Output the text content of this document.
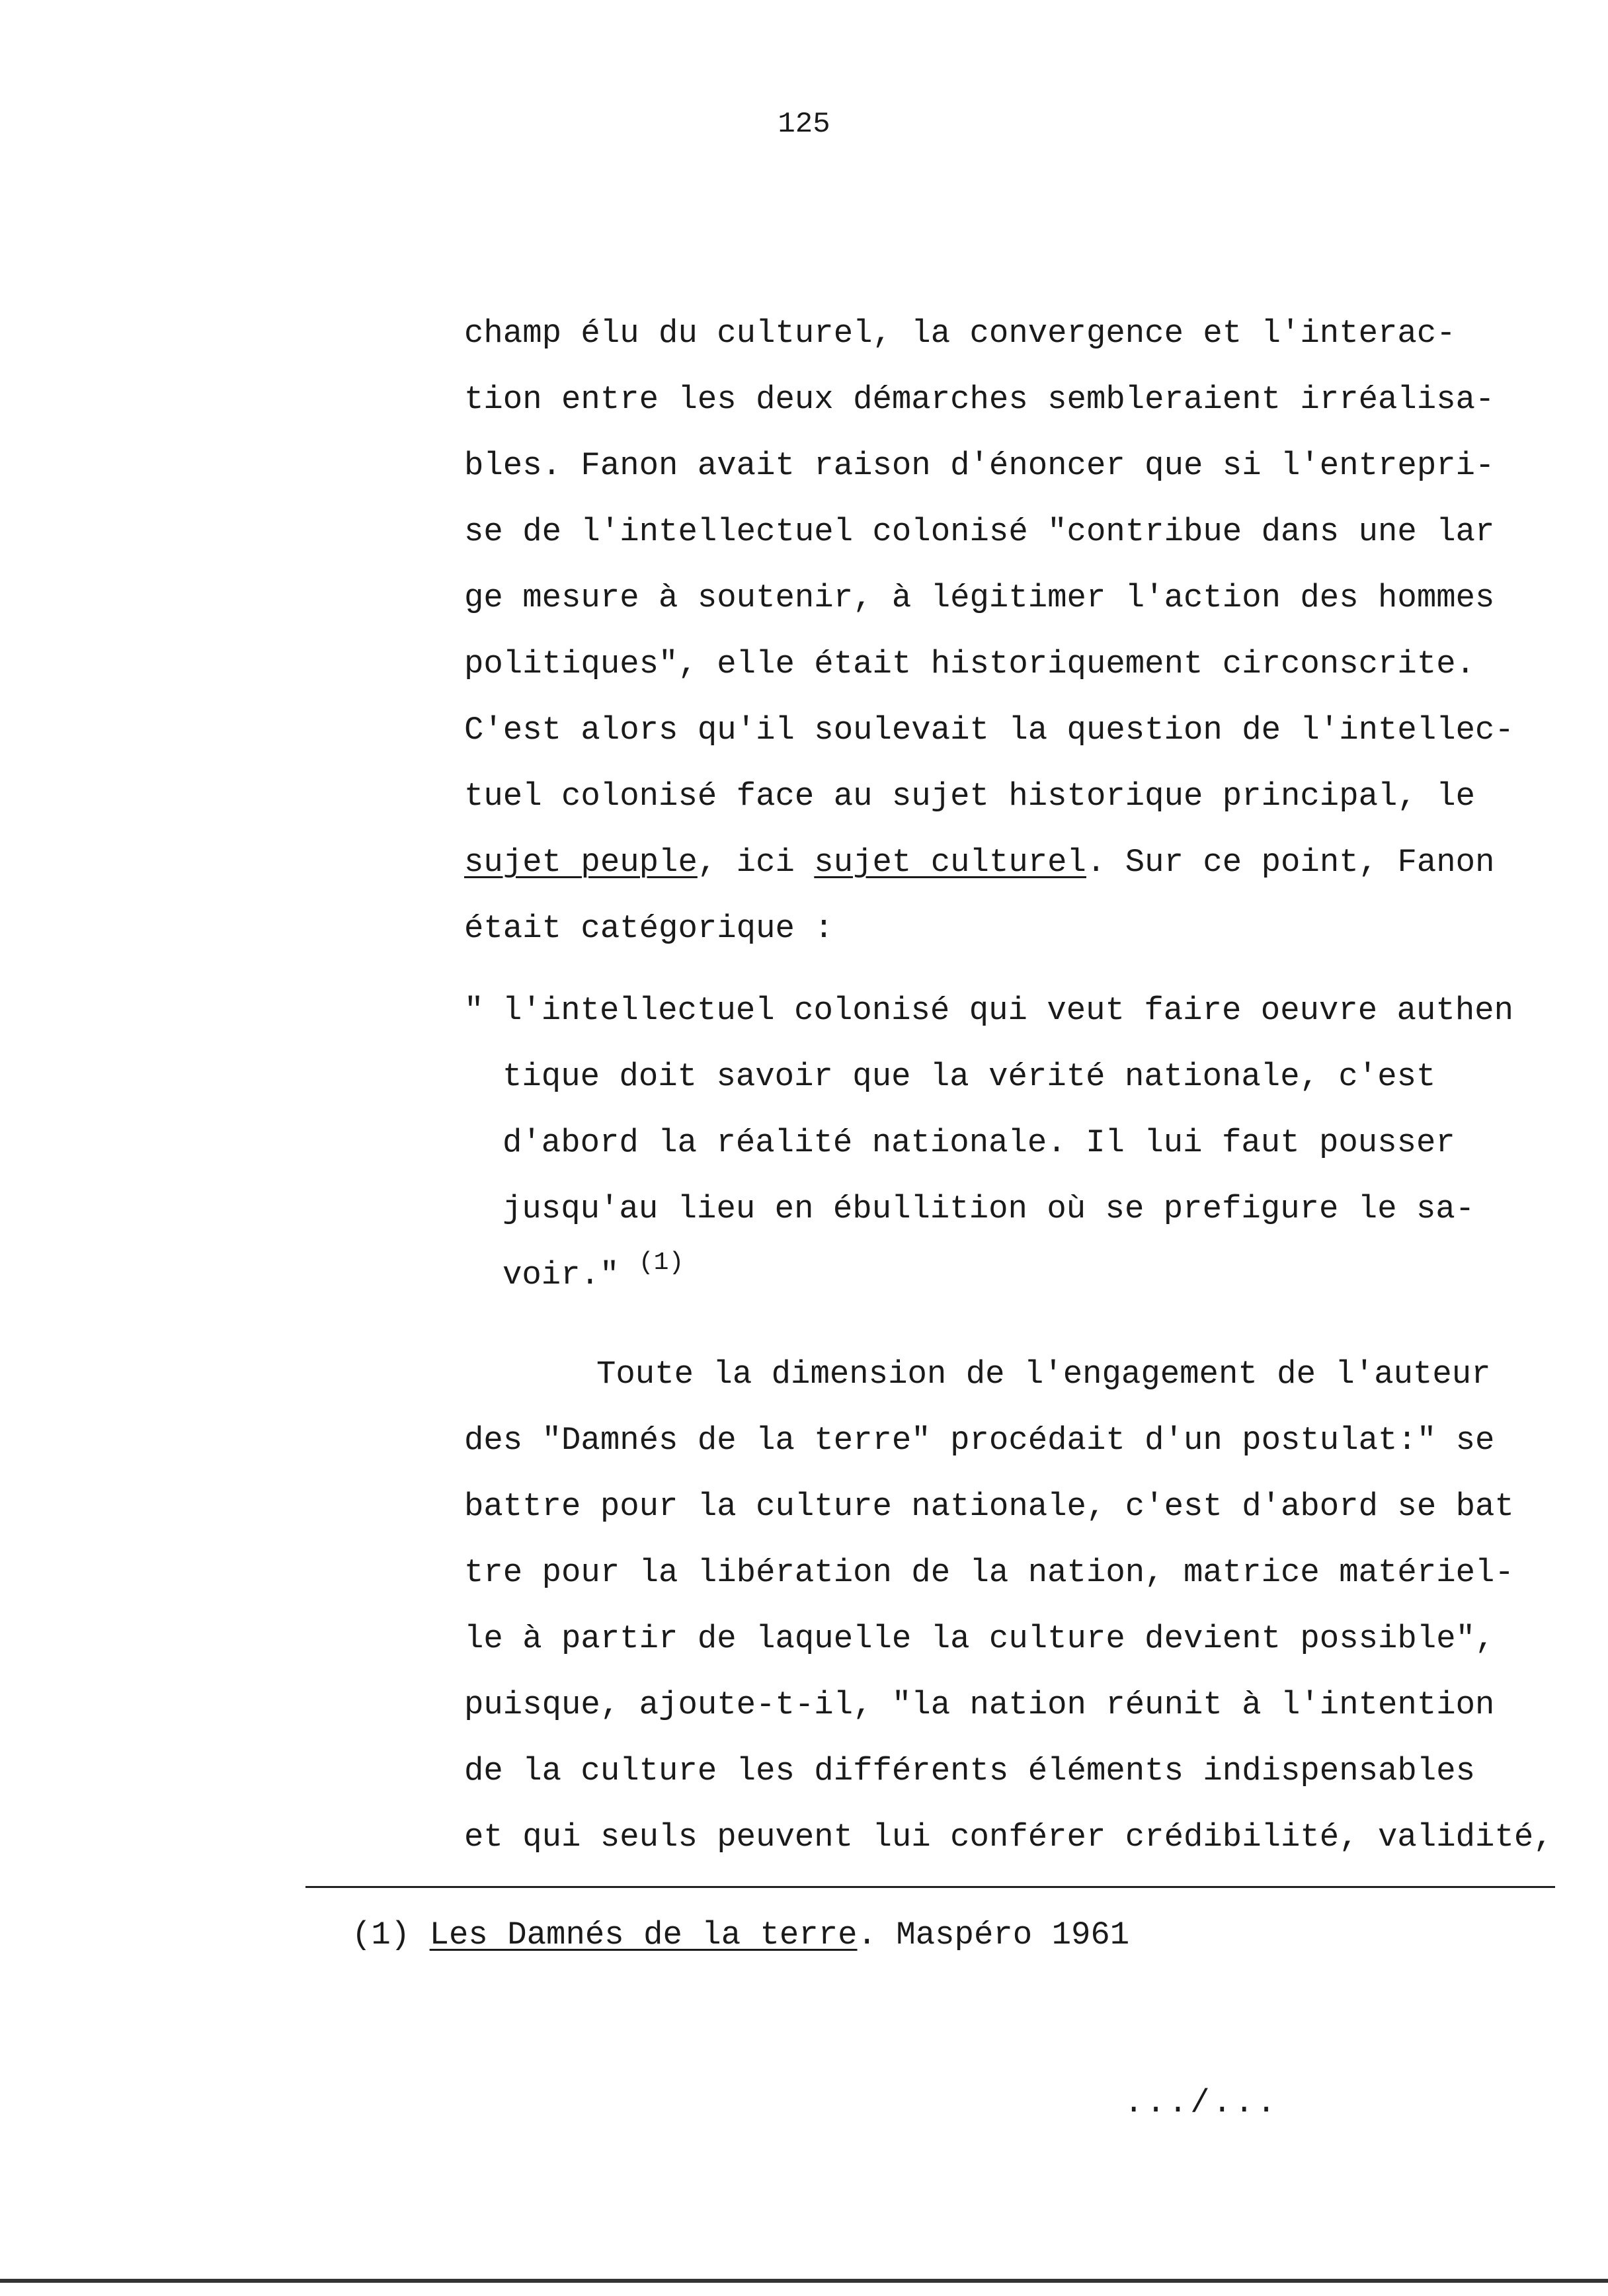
125
champ élu du culturel, la convergence et l'interac-
tion entre les deux démarches sembleraient irréalisa-
bles. Fanon avait raison d'énoncer que si l'entrepri-
se de l'intellectuel colonisé "contribue dans une lar
ge mesure à soutenir, à légitimer l'action des hommes
politiques", elle était historiquement circonscrite.
C'est alors qu'il soulevait la question de l'intellec-
tuel colonisé face au sujet historique principal, le
sujet peuple, ici sujet culturel. Sur ce point, Fanon
était catégorique :
" l'intellectuel colonisé qui veut faire oeuvre authen
tique doit savoir que la vérité nationale, c'est
d'abord la réalité nationale. Il lui faut pousser
jusqu'au lieu en ébullition où se prefigure le sa-
voir." $^{(1)}$
Toute la dimension de l'engagement de l'auteur
des "Damnés de la terre" procédait d'un postulat:" se
battre pour la culture nationale, c'est d'abord se bat
tre pour la libération de la nation, matrice matériel-
le à partir de laquelle la culture devient possible",
puisque, ajoute-t-il, "la nation réunit à l'intention
de la culture les différents éléments indispensables
et qui seuls peuvent lui conférer crédibilité, validité,
(1) Les Damnés de la terre. Maspéro 1961
.../...
